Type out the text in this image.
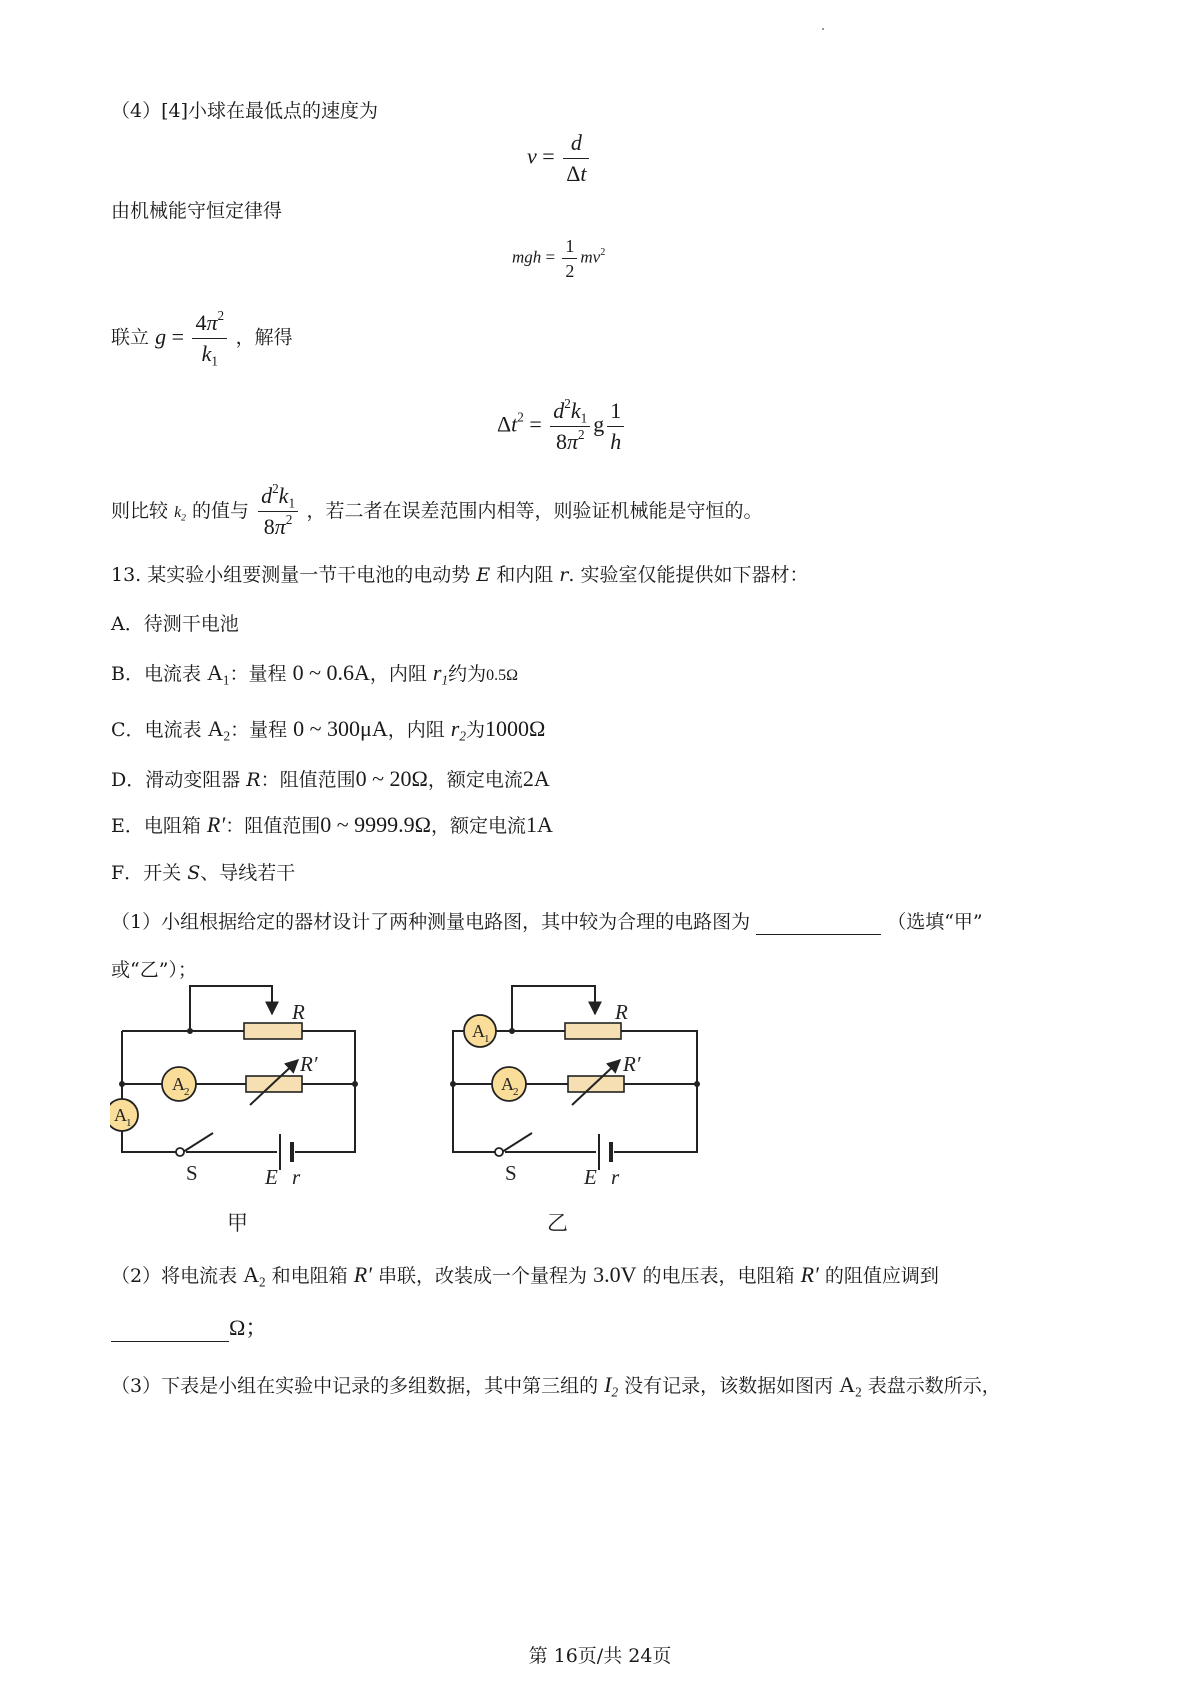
（4）[4]小球在最低点的速度为
$v = \frac{d}{\Delta t}$
由机械能守恒定律得
mgh = $\frac{1}{2} mv^2$
联立 $g = \frac{4\pi^2}{k_1}$ ，解得
$\Delta t^2 = \frac{d^2k_1}{8\pi^2}$ g $\frac{1}{h}$
则比较 $k_2$ 的值与 $\frac{d^2k_1}{8\pi^2}$ ，若二者在误差范围内相等，则验证机械能是守恒的。
13. 某实验小组要测量一节干电池的电动势 E 和内阻 r. 实验室仅能提供如下器材：
A．待测干电池
B．电流表 $A_1$：量程 0 ~ 0.6A，内阻 $r_1$约为0.5Ω
C．电流表 $A_2$：量程 0 ~ 300μA，内阻 $r_2$为1000Ω
D．滑动变阻器 R：阻值范围0 ~ 20Ω，额定电流2A
E．电阻箱 R′：阻值范围0 ~ 9999.9Ω，额定电流1A
F．开关 S、导线若干
（1）小组根据给定的器材设计了两种测量电路图，其中较为合理的电路图为	（选填“甲”
或“乙”）；
A 2
A 1
R
R′
S	E r
甲
A 1
A 2
R
R′
S	E r
乙
（2）将电流表 $A_2$ 和电阻箱 R′ 串联，改装成一个量程为 3.0V 的电压表，电阻箱 R′ 的阻值应调到
Ω；
（3）下表是小组在实验中记录的多组数据，其中第三组的 $I_2$ 没有记录，该数据如图丙 $A_2$ 表盘示数所示，
第 16页/共 24页
